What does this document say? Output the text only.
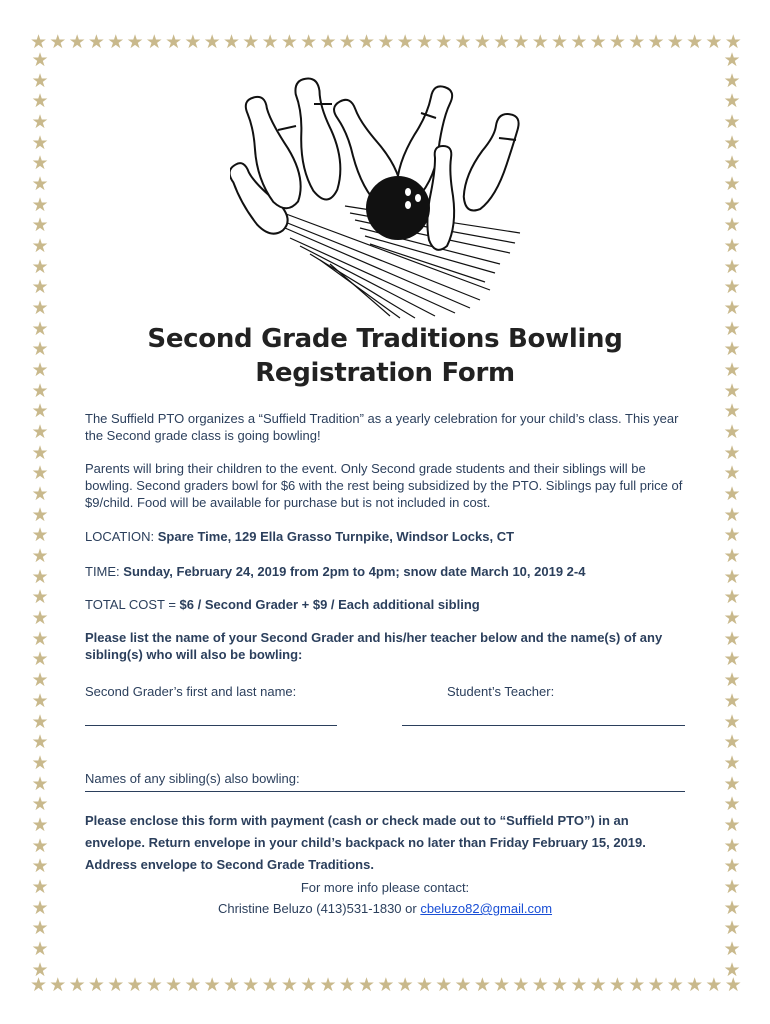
★ ★ ★ ★ ★ ★ ★ ★ ★ ★ ★ ★ ★ ★ ★ ★ ★ ★ ★ ★ ★ ★ ★ ★ ★ ★ ★ ★ ★ ★ ★ ★ ★ ★ ★ ★ ★
★ ★ ★ ★ ★ ★ ★ ★ ★ ★ ★ ★ ★ ★ ★ ★ ★ ★ ★ ★ ★ ★ ★ ★ ★ ★ ★ ★ ★ ★ ★ ★ ★ ★ ★ ★ ★
★
★
★
★
★
★
★
★
★
★
★
★
★
★
★
★
★
★
★
★
★
★
★
★
★
★
★
★
★
★
★
★
★
★
★
★
★
★
★
★
★
★
★
★
★
★
★
★
★
★
★
★
★
★
★
★
★
★
★
★
★
★
★
★
★
★
★
★
★
★
★
★
★
★
★
★
★
★
★
★
★
★
★
★
★
★
★
★
★
★
Second Grade Traditions Bowling
Registration Form
The Suffield PTO organizes a “Suffield Tradition” as a yearly celebration for your child’s class. This year the Second grade class is going bowling!
Parents will bring their children to the event. Only Second grade students and their siblings will be bowling. Second graders bowl for $6 with the rest being subsidized by the PTO. Siblings pay full price of $9/child. Food will be available for purchase but is not included in cost.
LOCATION: Spare Time, 129 Ella Grasso Turnpike, Windsor Locks, CT
TIME: Sunday, February 24, 2019 from 2pm to 4pm; snow date March 10, 2019 2-4
TOTAL COST = $6 / Second Grader + $9 / Each additional sibling
Please list the name of your Second Grader and his/her teacher below and the name(s) of any sibling(s) who will also be bowling:
Second Grader’s first and last name:	Student’s Teacher:
Names of any sibling(s) also bowling:
Please enclose this form with payment (cash or check made out to “Suffield PTO”) in an
envelope. Return envelope in your child’s backpack no later than Friday February 15, 2019.
Address envelope to Second Grade Traditions.
For more info please contact:
Christine Beluzo (413)531-1830 or cbeluzo82@gmail.com
